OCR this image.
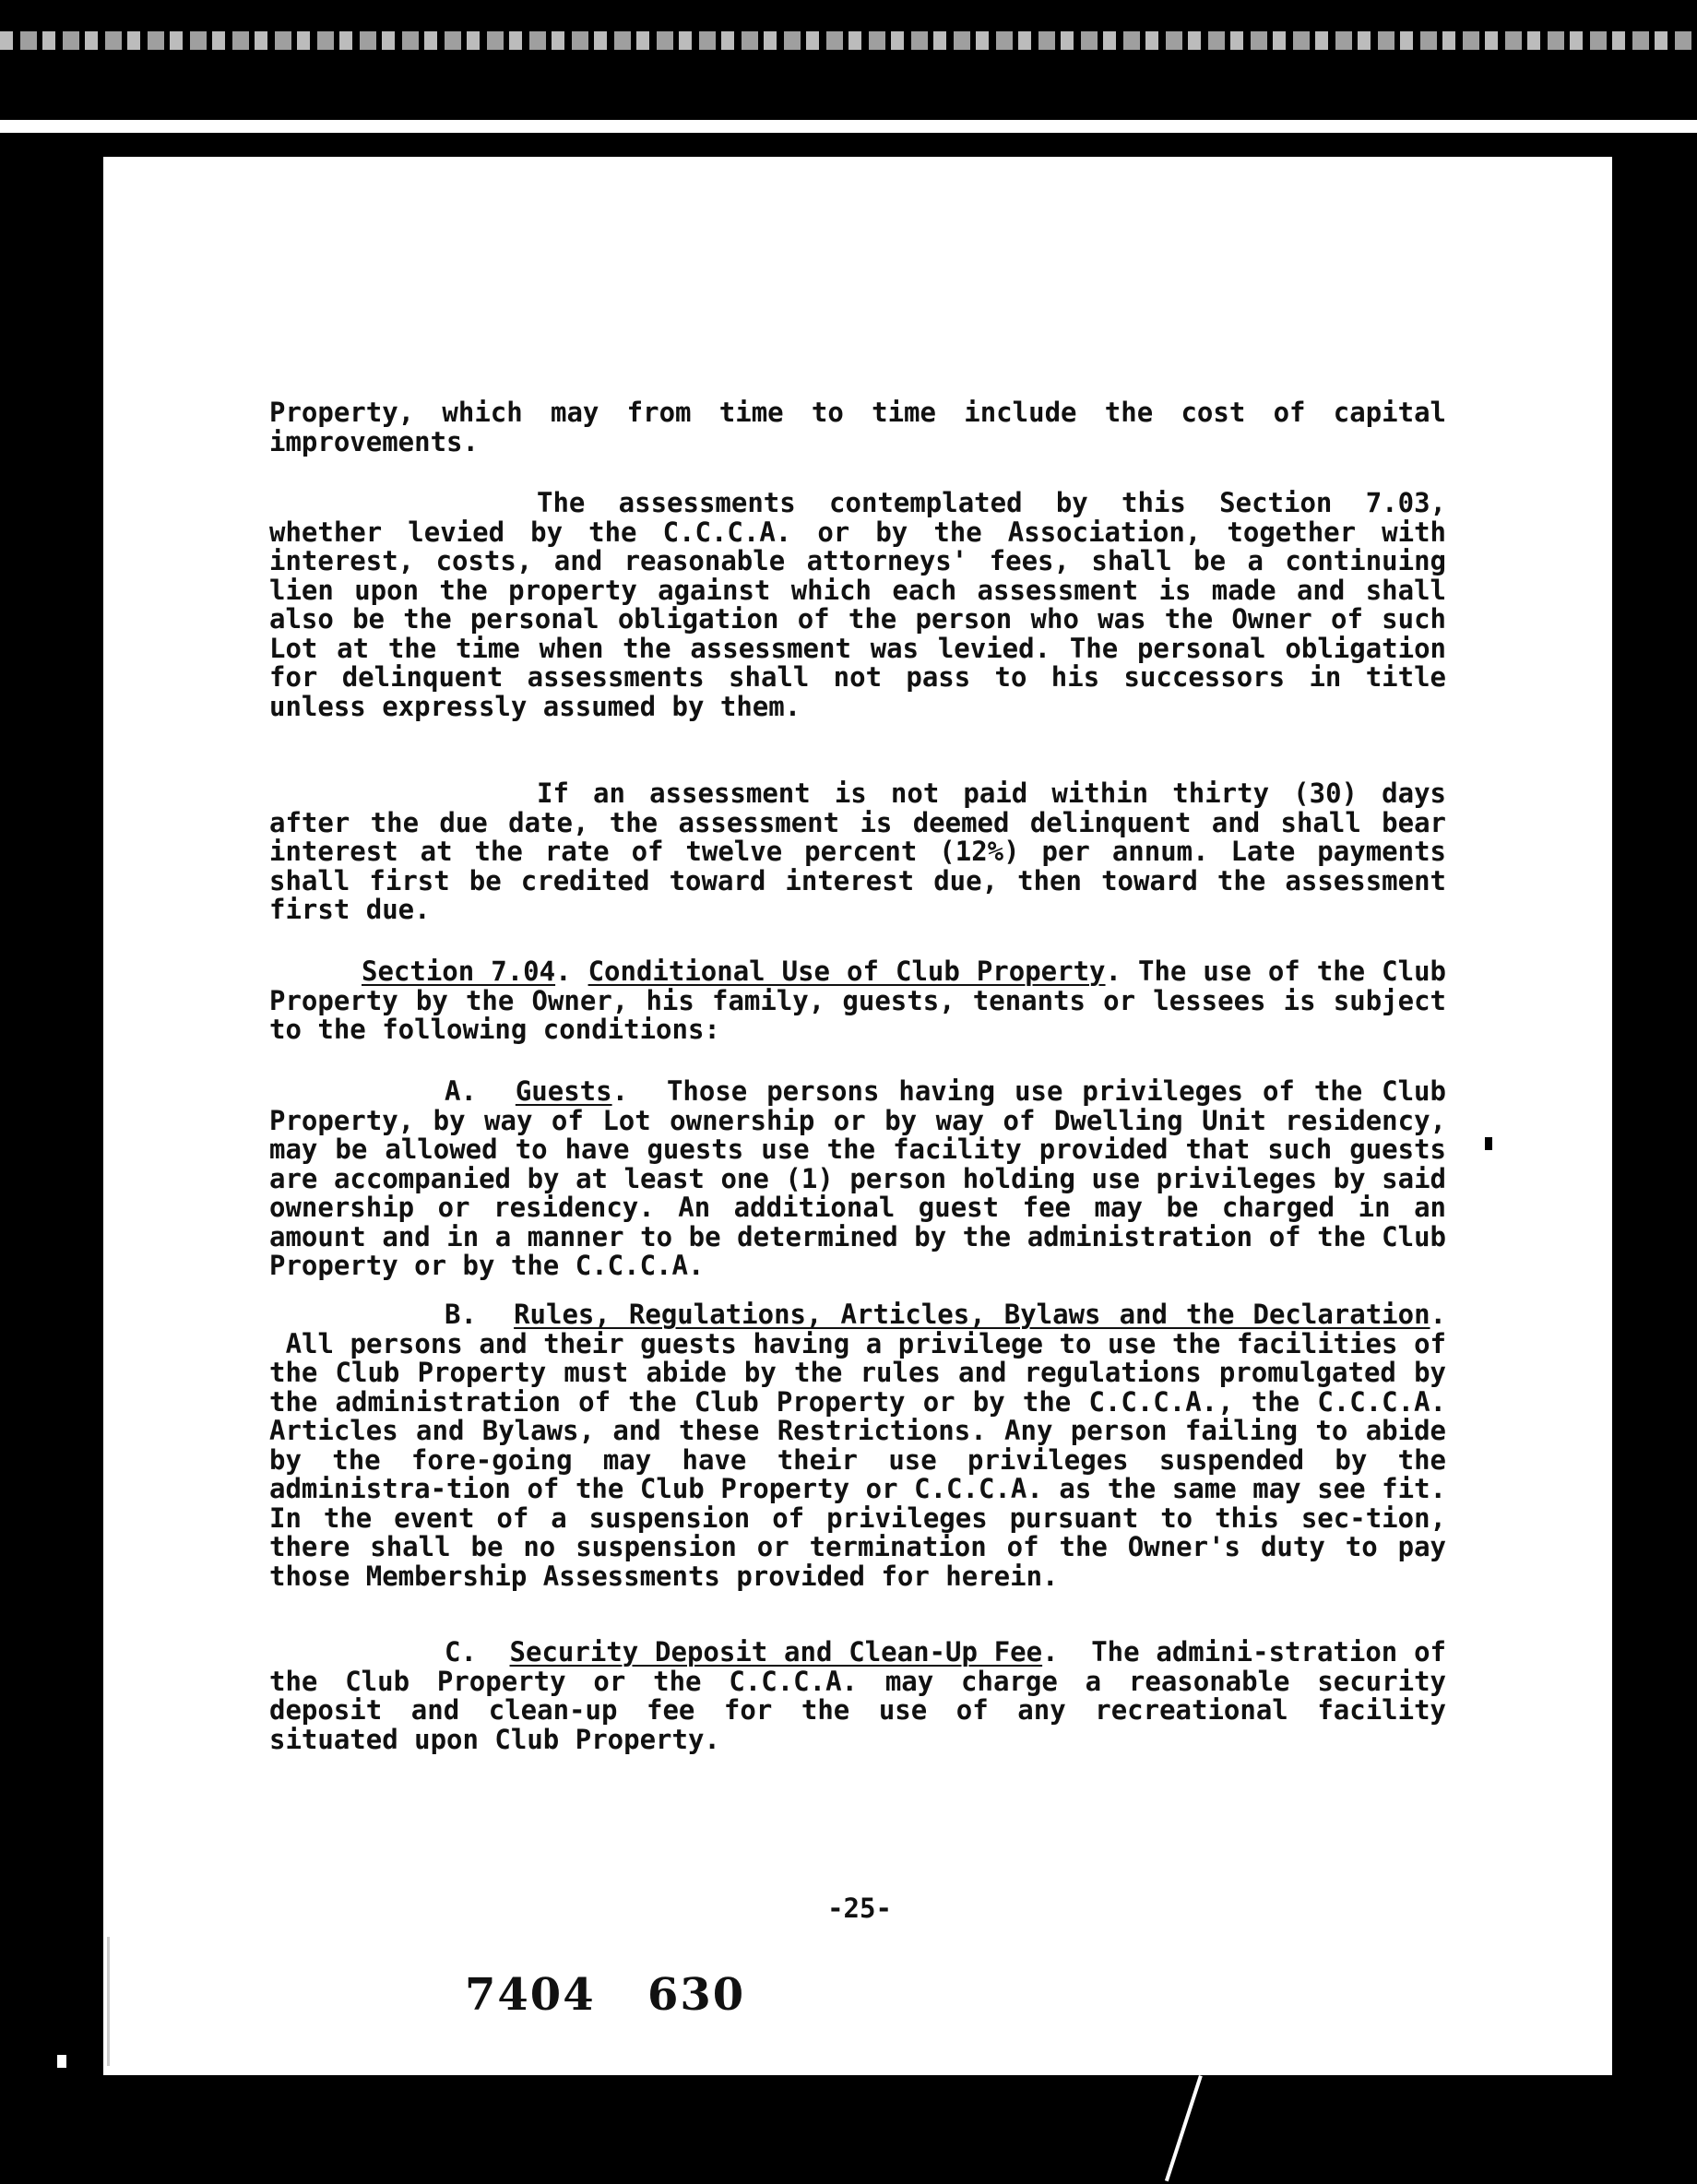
Property, which may from time to time include the cost of capital improvements.

The assessments contemplated by this Section 7.03, whether levied by the C.C.C.A. or by the Association, together with interest, costs, and reasonable attorneys' fees, shall be a continuing lien upon the property against which each assessment is made and shall also be the personal obligation of the person who was the Owner of such Lot at the time when the assessment was levied. The personal obligation for delinquent assessments shall not pass to his successors in title unless expressly assumed by them.

If an assessment is not paid within thirty (30) days after the due date, the assessment is deemed delinquent and shall bear interest at the rate of twelve percent (12%) per annum. Late payments shall first be credited toward interest due, then toward the assessment first due.

Section 7.04. Conditional Use of Club Property. The use of the Club Property by the Owner, his family, guests, tenants or lessees is subject to the following conditions:

A. Guests.  Those persons having use privileges of the Club Property, by way of Lot ownership or by way of Dwelling Unit residency, may be allowed to have guests use the facility provided that such guests are accompanied by at least one (1) person holding use privileges by said ownership or residency. An additional guest fee may be charged in an amount and in a manner to be determined by the administration of the Club Property or by the C.C.C.A.

B. Rules, Regulations, Articles, Bylaws and the Declaration.  All persons and their guests having a privilege to use the facilities of the Club Property must abide by the rules and regulations promulgated by the administration of the Club Property or by the C.C.C.A., the C.C.C.A. Articles and Bylaws, and these Restrictions. Any person failing to abide by the fore-going may have their use privileges suspended by the administra-tion of the Club Property or C.C.C.A. as the same may see fit. In the event of a suspension of privileges pursuant to this sec-tion, there shall be no suspension or termination of the Owner's duty to pay those Membership Assessments provided for herein.

C. Security Deposit and Clean-Up Fee.  The admini-stration of the Club Property or the C.C.C.A. may charge a reasonable security deposit and clean-up fee for the use of any recreational facility situated upon Club Property.

-25-
7404 630
